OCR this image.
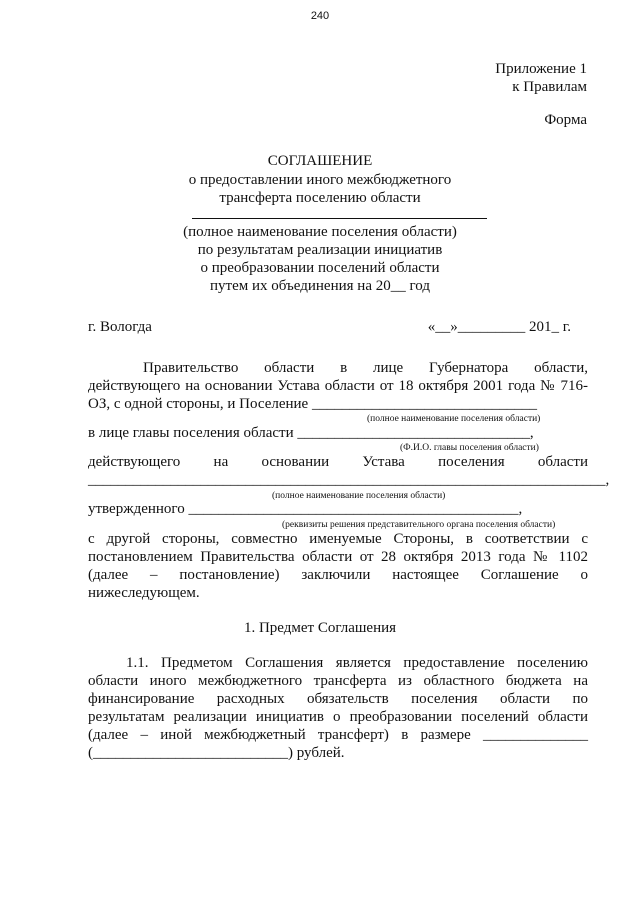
240
Приложение 1
к Правилам
Форма
СОГЛАШЕНИЕ
о предоставлении иного межбюджетного
трансферта поселению области
(полное наименование поселения области)
по результатам реализации инициатив
о преобразовании поселений области
путем их объединения на 20__ год
г. Вологда	«__»_________ 201_ г.
Правительство области в лице Губернатора области,
действующего на основании Устава области от 18 октября 2001 года № 716-
ОЗ, с одной стороны, и Поселение ______________________________
(полное наименование поселения области)
в лице главы поселения области _______________________________,
(Ф.И.О. главы поселения области)
действующего на основании Устава поселения области
_____________________________________________________________________,
(полное наименование поселения области)
утвержденного ____________________________________________,
(реквизиты решения представительного органа поселения области)
с другой стороны, совместно именуемые Стороны, в соответствии с
постановлением Правительства области от 28 октября 2013 года № 1102
(далее – постановление) заключили настоящее Соглашение о
нижеследующем.
1. Предмет Соглашения
1.1. Предметом Соглашения является предоставление поселению
области иного межбюджетного трансферта из областного бюджета на
финансирование расходных обязательств поселения области по
результатам реализации инициатив о преобразовании поселений области
(далее – иной межбюджетный трансферт) в размере ______________
(__________________________) рублей.
